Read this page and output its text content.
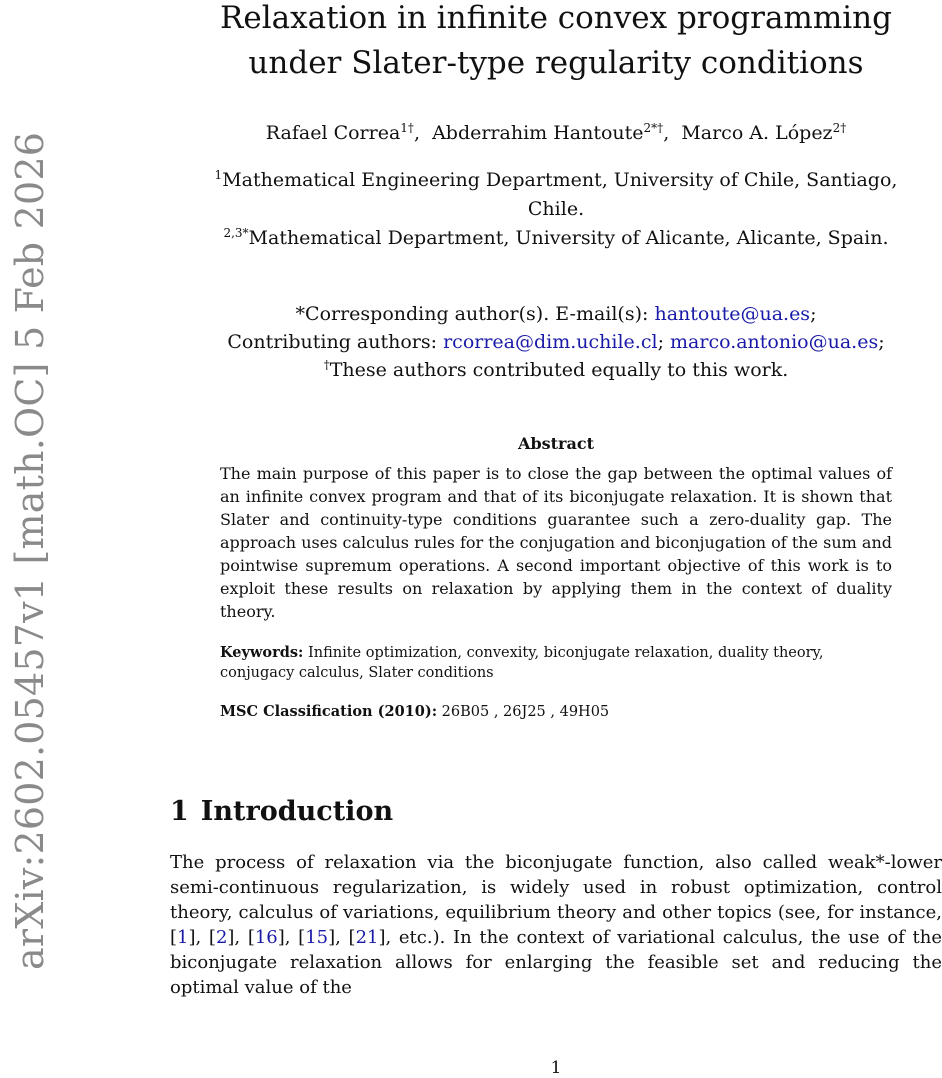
arXiv:2602.05457v1 [math.OC] 5 Feb 2026
Relaxation in infinite convex programming
under Slater-type regularity conditions
Rafael Correa$^{1\dagger}$,  Abderrahim Hantoute$^{2*\dagger}$,  Marco A. López$^{2\dagger}$
$^1$Mathematical Engineering Department, University of Chile, Santiago, Chile.
$^{2,3*}$Mathematical Department, University of Alicante, Alicante, Spain.
*Corresponding author(s). E-mail(s): hantoute@ua.es;
Contributing authors: rcorrea@dim.uchile.cl; marco.antonio@ua.es;
†These authors contributed equally to this work.
Abstract

The main purpose of this paper is to close the gap between the optimal values of an infinite convex program and that of its biconjugate relaxation. It is shown that Slater and continuity-type conditions guarantee such a zero-duality gap. The approach uses calculus rules for the conjugation and biconjugation of the sum and pointwise supremum operations. A second important objective of this work is to exploit these results on relaxation by applying them in the context of duality theory.

Keywords: Infinite optimization, convexity, biconjugate relaxation, duality theory, conjugacy calculus, Slater conditions

MSC Classification (2010): 26B05 , 26J25 , 49H05

1 Introduction

The process of relaxation via the biconjugate function, also called weak*-lower semi-continuous regularization, is widely used in robust optimization, control theory, calculus of variations, equilibrium theory and other topics (see, for instance, [1], [2], [16], [15], [21], etc.). In the context of variational calculus, the use of the biconjugate relaxation allows for enlarging the feasible set and reducing the optimal value of the

1
